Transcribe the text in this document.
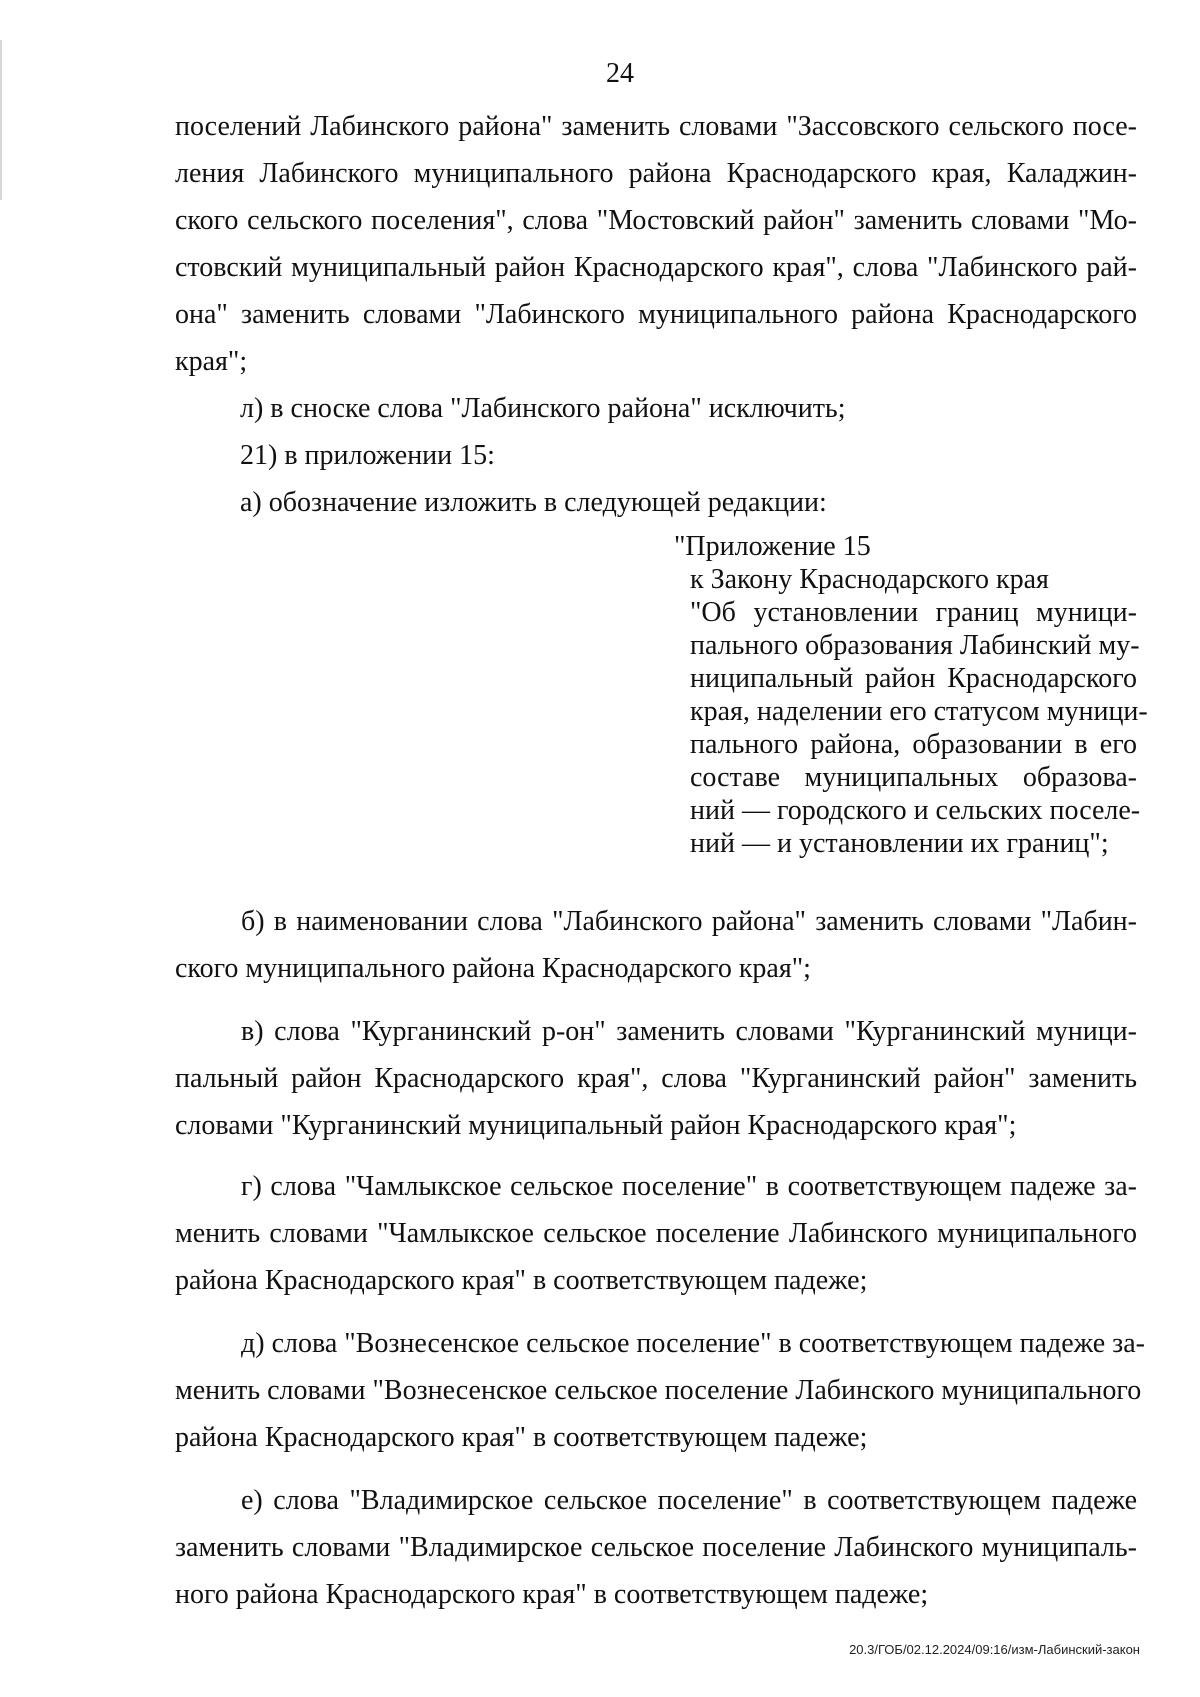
24
поселений Лабинского района" заменить словами "Зассовского сельского посе-
ления Лабинского муниципального района Краснодарского края, Каладжин-
ского сельского поселения", слова "Мостовский район" заменить словами "Мо-
стовский муниципальный район Краснодарского края", слова "Лабинского рай-
она" заменить словами "Лабинского муниципального района Краснодарского
края";
л) в сноске слова "Лабинского района" исключить;
21) в приложении 15:
а) обозначение изложить в следующей редакции:
"Приложение 15
к Закону Краснодарского края
"Об установлении границ муници-
пального образования Лабинский му-
ниципальный район Краснодарского
края, наделении его статусом муници-
пального района, образовании в его
составе муниципальных образова-
ний — городского и сельских поселе-
ний — и установлении их границ";
б) в наименовании слова "Лабинского района" заменить словами "Лабин-
ского муниципального района Краснодарского края";
в) слова "Курганинский р-он" заменить словами "Курганинский муници-
пальный район Краснодарского края", слова "Курганинский район" заменить
словами "Курганинский муниципальный район Краснодарского края";
г) слова "Чамлыкское сельское поселение" в соответствующем падеже за-
менить словами "Чамлыкское сельское поселение Лабинского муниципального
района Краснодарского края" в соответствующем падеже;
д) слова "Вознесенское сельское поселение" в соответствующем падеже за-
менить словами "Вознесенское сельское поселение Лабинского муниципального
района Краснодарского края" в соответствующем падеже;
е) слова "Владимирское сельское поселение" в соответствующем падеже
заменить словами "Владимирское сельское поселение Лабинского муниципаль-
ного района Краснодарского края" в соответствующем падеже;
20.3/ГОБ/02.12.2024/09:16/изм-Лабинский-закон
